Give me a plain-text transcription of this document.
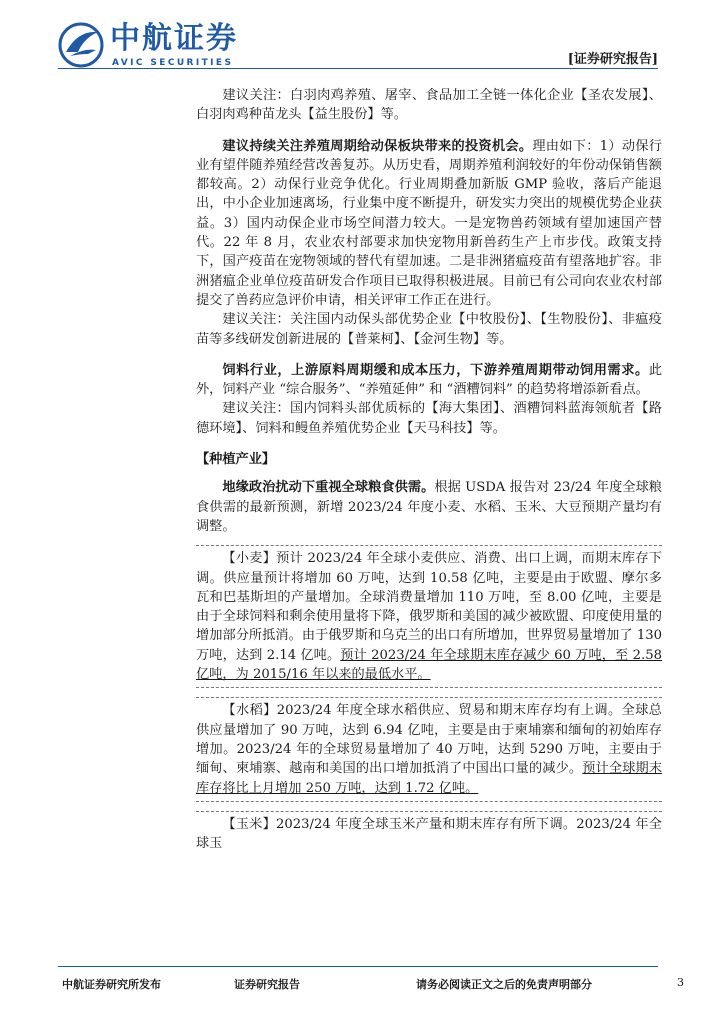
中航证券
AVIC SECURITIES	[证券研究报告]

建议关注：白羽肉鸡养殖、屠宰、食品加工全链一体化企业【圣农发展】、白羽肉鸡种苗龙头【益生股份】等。

建议持续关注养殖周期给动保板块带来的投资机会。理由如下：1）动保行业有望伴随养殖经营改善复苏。从历史看，周期养殖利润较好的年份动保销售额都较高。2）动保行业竞争优化。行业周期叠加新版 GMP 验收，落后产能退出，中小企业加速离场，行业集中度不断提升，研发实力突出的规模优势企业获益。3）国内动保企业市场空间潜力较大。一是宠物兽药领域有望加速国产替代。22 年 8 月，农业农村部要求加快宠物用新兽药生产上市步伐。政策支持下，国产疫苗在宠物领域的替代有望加速。二是非洲猪瘟疫苗有望落地扩容。非洲猪瘟企业单位疫苗研发合作项目已取得积极进展。目前已有公司向农业农村部提交了兽药应急评价申请，相关评审工作正在进行。

建议关注：关注国内动保头部优势企业【中牧股份】、【生物股份】、非瘟疫苗等多线研发创新进展的【普莱柯】、【金河生物】等。

饲料行业，上游原料周期缓和成本压力，下游养殖周期带动饲用需求。此外，饲料产业 “综合服务”、“养殖延伸” 和 “酒糟饲料” 的趋势将增添新看点。

建议关注：国内饲料头部优质标的【海大集团】、酒糟饲料蓝海领航者【路德环境】、饲料和鳗鱼养殖优势企业【天马科技】等。

【种植产业】

地缘政治扰动下重视全球粮食供需。根据 USDA 报告对 23/24 年度全球粮食供需的最新预测，新增 2023/24 年度小麦、水稻、玉米、大豆预期产量均有调整。

【小麦】预计 2023/24 年全球小麦供应、消费、出口上调，而期末库存下调。供应量预计将增加 60 万吨，达到 10.58 亿吨，主要是由于欧盟、摩尔多瓦和巴基斯坦的产量增加。全球消费量增加 110 万吨，至 8.00 亿吨，主要是由于全球饲料和剩余使用量将下降，俄罗斯和美国的减少被欧盟、印度使用量的增加部分所抵消。由于俄罗斯和乌克兰的出口有所增加，世界贸易量增加了 130 万吨，达到 2.14 亿吨。预计 2023/24 年全球期末库存减少 60 万吨，至 2.58 亿吨，为 2015/16 年以来的最低水平。

【水稻】2023/24 年度全球水稻供应、贸易和期末库存均有上调。全球总供应量增加了 90 万吨，达到 6.94 亿吨，主要是由于柬埔寨和缅甸的初始库存增加。2023/24 年的全球贸易量增加了 40 万吨，达到 5290 万吨，主要由于缅甸、柬埔寨、越南和美国的出口增加抵消了中国出口量的减少。预计全球期末库存将比上月增加 250 万吨，达到 1.72 亿吨。

【玉米】2023/24 年度全球玉米产量和期末库存有所下调。2023/24 年全球玉

中航证券研究所发布	证券研究报告	请务必阅读正文之后的免责声明部分	3
